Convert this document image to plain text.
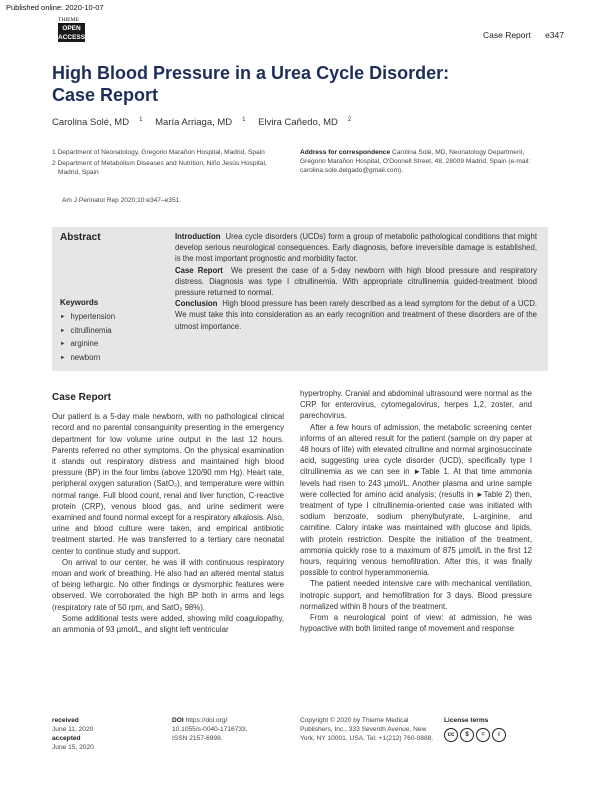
Published online: 2020-10-07
THIEME
OPEN
ACCESS	Case Report e347
High Blood Pressure in a Urea Cycle Disorder:
Case Report
Carolina Solé, MD $^1$ María Arriaga, MD $^1$ Elvira Cañedo, MD $^2$

1 Department of Neonatology, Gregorio Marañon Hospital, Madrid, Spain

2 Department of Metabolism Diseases and Nutrition, Niño Jesús Hospital, Madrid, Spain

Address for correspondence Carolina Solé, MD, Neonatology Department, Gregorio Marañon Hospital, O'Donnell Street, 48, 28009 Madrid, Spain (e-mail: carolina.sole.delgado@gmail.com).
Am J Perinatol Rep 2020;10:e347–e351.
Abstract
Keywords
► hypertension
► citrullinemia
► arginine
► newborn

Introduction Urea cycle disorders (UCDs) form a group of metabolic pathological conditions that might develop serious neurological consequences. Early diagnosis, before irreversible damage is established, is the most important prognostic and morbidity factor.

Case Report We present the case of a 5-day newborn with high blood pressure and respiratory distress. Diagnosis was type I citrullinemia. With appropriate citrullinemia guided-treatment blood pressure returned to normal.

Conclusion High blood pressure has been rarely described as a lead symptom for the debut of a UCD. We must take this into consideration as an early recognition and treatment of these disorders are of the utmost importance.

Case Report

Our patient is a 5-day male newborn, with no pathological clinical record and no parental consanguinity presenting in the emergency department for low volume urine output in the last 12 hours. Parents referred no other symptoms. On the physical examination it stands out respiratory distress and maintained high blood pressure (BP) in the four limbs (above 120/90 mm Hg). Heart rate, peripheral oxygen saturation (SatO₂), and temperature were within normal range. Full blood count, renal and liver function, C-reactive protein (CRP), venous blood gas, and urine sediment were examined and found normal except for a respiratory alkalosis. Also, urine and blood culture were taken, and empirical antibiotic treatment started. He was transferred to a tertiary care neonatal center to continue study and support.

On arrival to our center, he was ill with continuous respiratory moan and work of breathing. He also had an altered mental status of being lethargic. No other findings or dysmorphic features were observed. We corroborated the high BP both in arms and legs (respiratory rate of 50 rpm, and SatO₂ 98%).

Some additional tests were added, showing mild coagulopathy, an ammonia of 93 µmol/L, and slight left ventricular

hypertrophy. Cranial and abdominal ultrasound were normal as the CRP for enterovirus, cytomegalovirus, herpes 1,2, zoster, and parechovirus.

After a few hours of admission, the metabolic screening center informs of an altered result for the patient (sample on dry paper at 48 hours of life) with elevated citrulline and normal arginosuccinate acid, suggesting urea cycle disorder (UCD), specifically type I citrullinemia as we can see in ►Table 1. At that time ammonia levels had risen to 243 µmol/L. Another plasma and urine sample were collected for amino acid analysis; (results in ►Table 2) then, treatment of type I citrullinemia-oriented case was initiated with sodium benzoate, sodium phenylbutyrate, L-arginine, and carnitine. Calory intake was maintained with glucose and lipids, with protein restriction. Despite the initiation of the treatment, ammonia quickly rose to a maximum of 875 µmol/L in the first 12 hours, requiring venous hemofiltration. After this, it was finally possible to control hyperammonemia.

The patient needed intensive care with mechanical ventilation, inotropic support, and hemofiltration for 3 days. Blood pressure normalized within 8 hours of the treatment.

From a neurological point of view: at admission, he was hypoactive with both limited range of movement and response

received
June 11, 2020
accepted
June 15, 2020
DOI https://doi.org/
10.1055/s-0040-1716733.
ISSN 2157-6998.
Copyright © 2020 by Thieme Medical Publishers, Inc., 333 Seventh Avenue, New York, NY 10001, USA. Tel: +1(212) 760-0888.
License terms
cc	$	=	i
